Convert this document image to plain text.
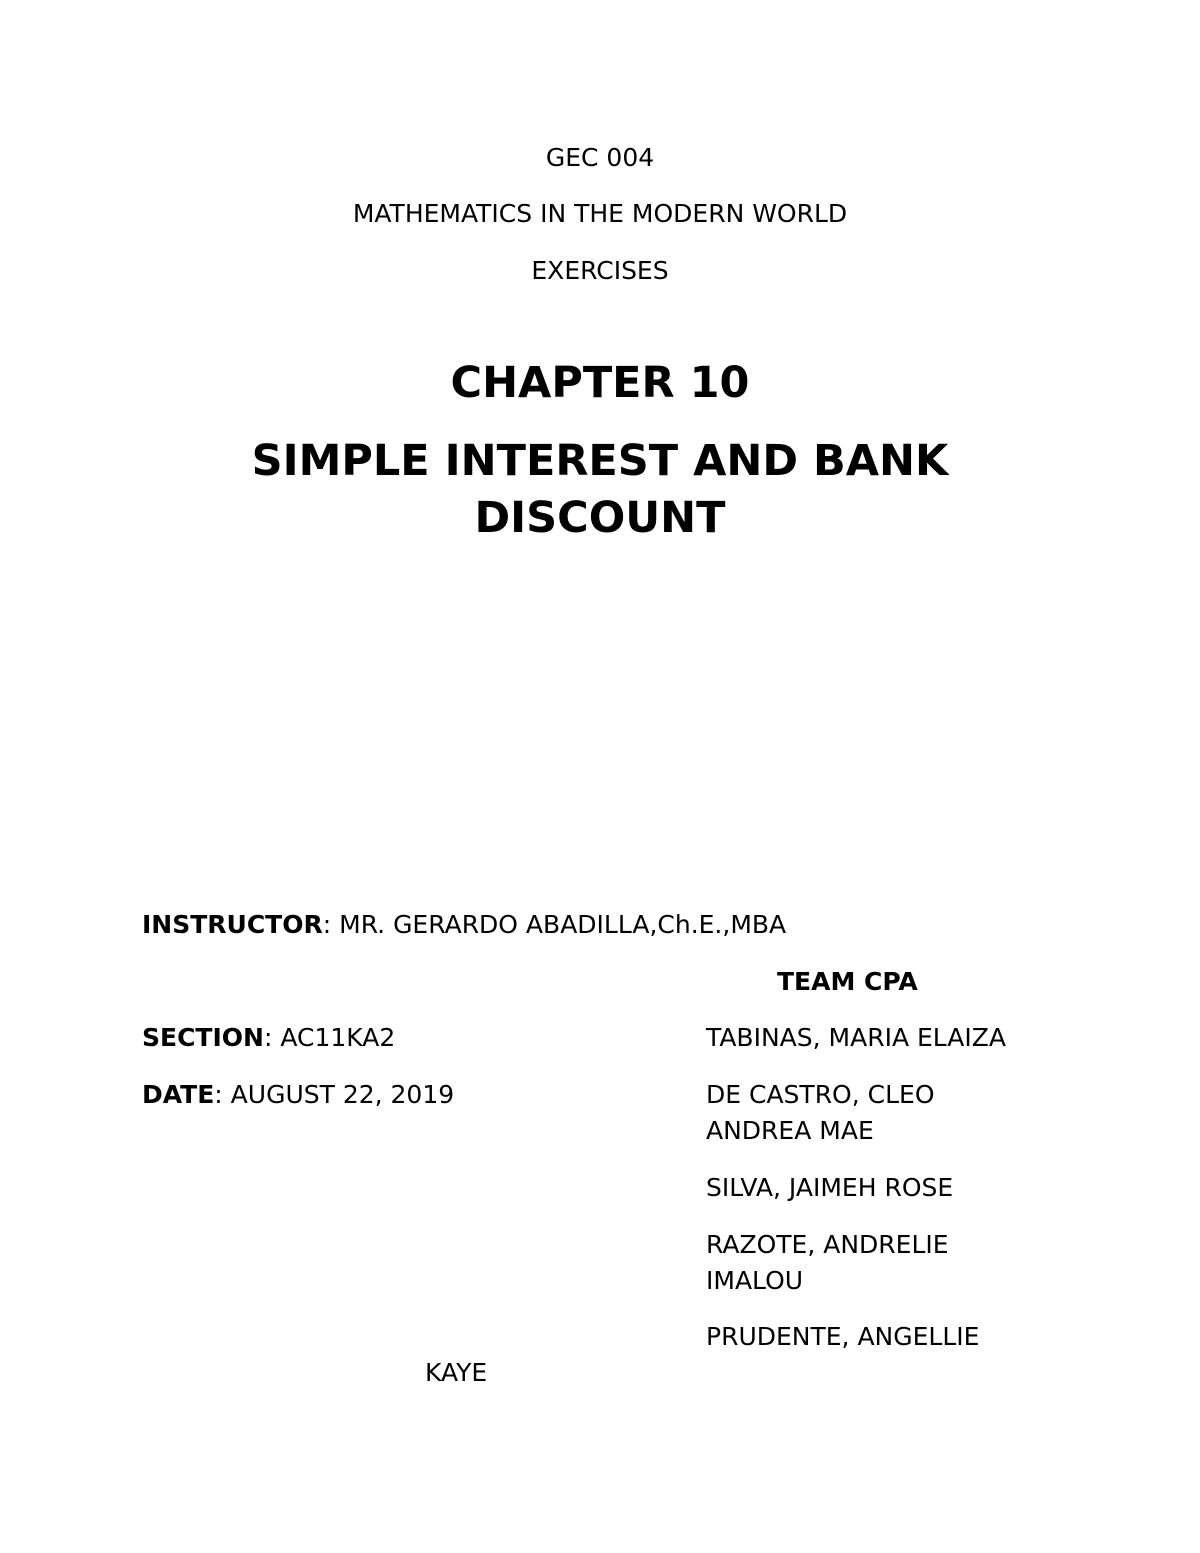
GEC 004
MATHEMATICS IN THE MODERN WORLD
EXERCISES
CHAPTER 10
SIMPLE INTEREST AND BANK
DISCOUNT
INSTRUCTOR: MR. GERARDO ABADILLA,Ch.E.,MBA
TEAM CPA
SECTION: AC11KA2
DATE: AUGUST 22, 2019
TABINAS, MARIA ELAIZA
DE CASTRO, CLEO
ANDREA MAE
SILVA, JAIMEH ROSE
RAZOTE, ANDRELIE
IMALOU
PRUDENTE, ANGELLIE
KAYE
